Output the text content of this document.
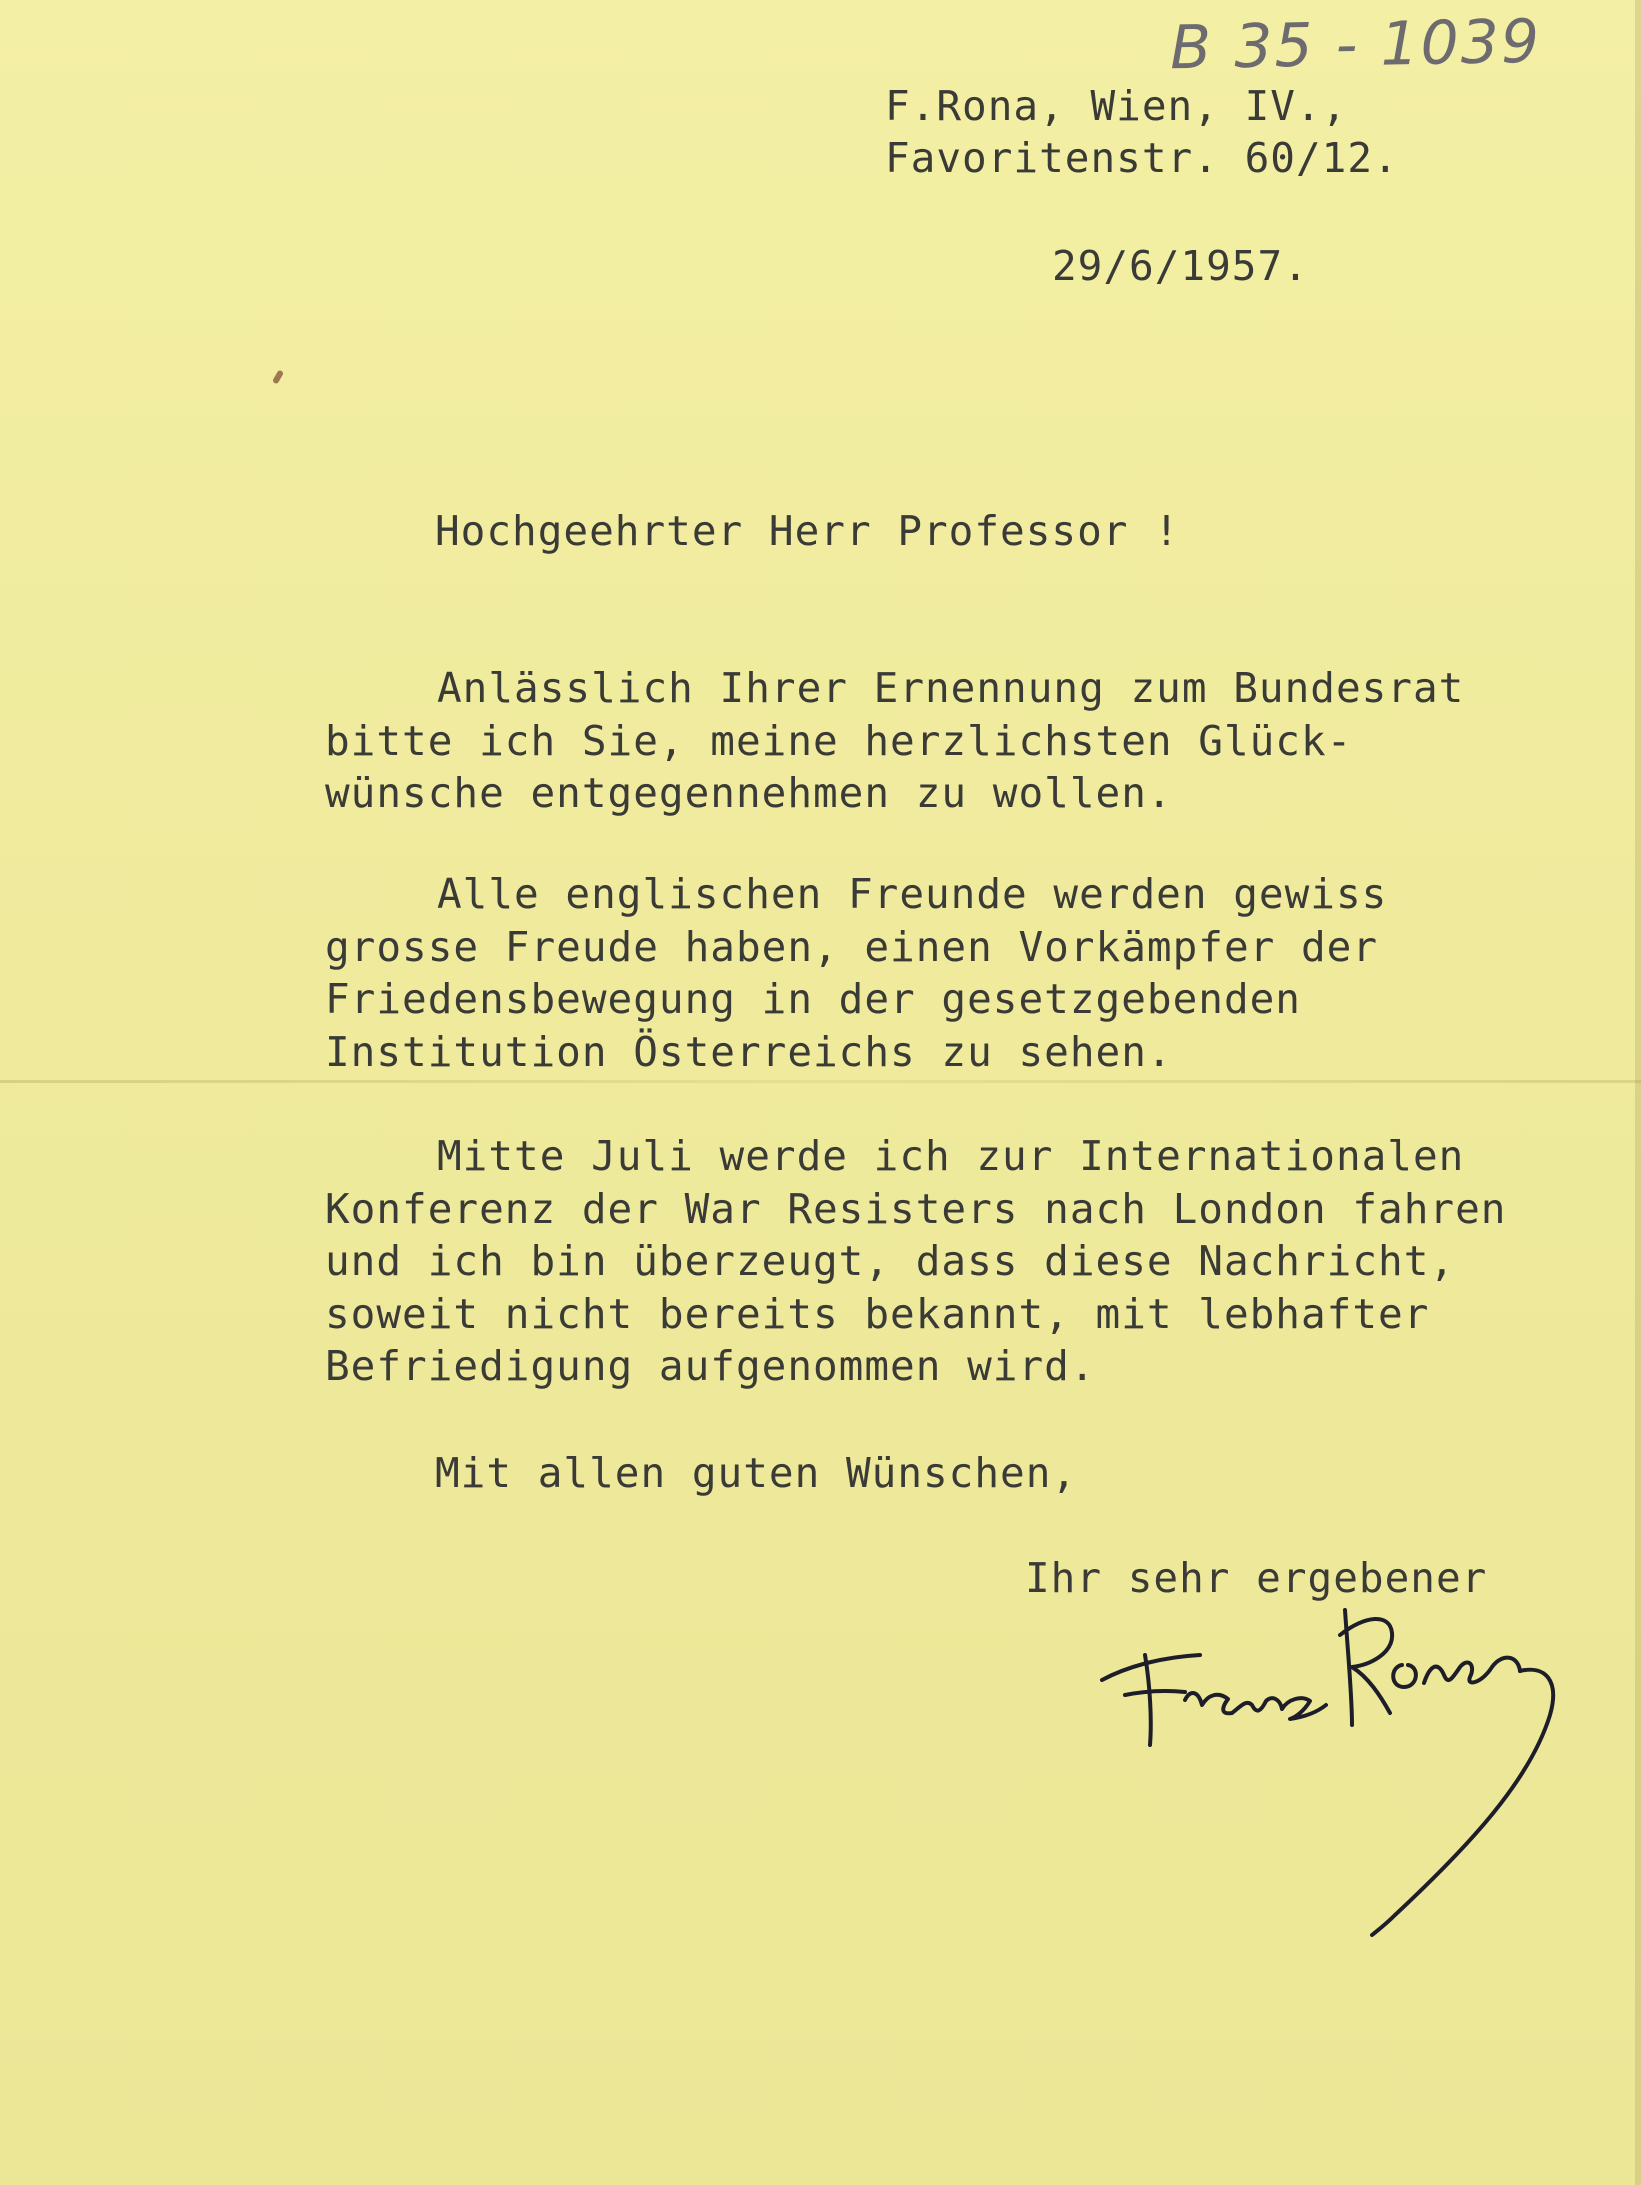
B 35 - 1039

F.Rona, Wien, IV.,

Favoritenstr. 60/12.

29/6/1957.

Hochgeehrter Herr Professor !

Anlässlich Ihrer Ernennung zum Bundesrat
bitte ich Sie, meine herzlichsten Glück-
wünsche entgegennehmen zu wollen.
Alle englischen Freunde werden gewiss
grosse Freude haben, einen Vorkämpfer der
Friedensbewegung in der gesetzgebenden
Institution Österreichs zu sehen.
Mitte Juli werde ich zur Internationalen
Konferenz der War Resisters nach London fahren
und ich bin überzeugt, dass diese Nachricht,
soweit nicht bereits bekannt, mit lebhafter
Befriedigung aufgenommen wird.

Mit allen guten Wünschen,

Ihr sehr ergebener
